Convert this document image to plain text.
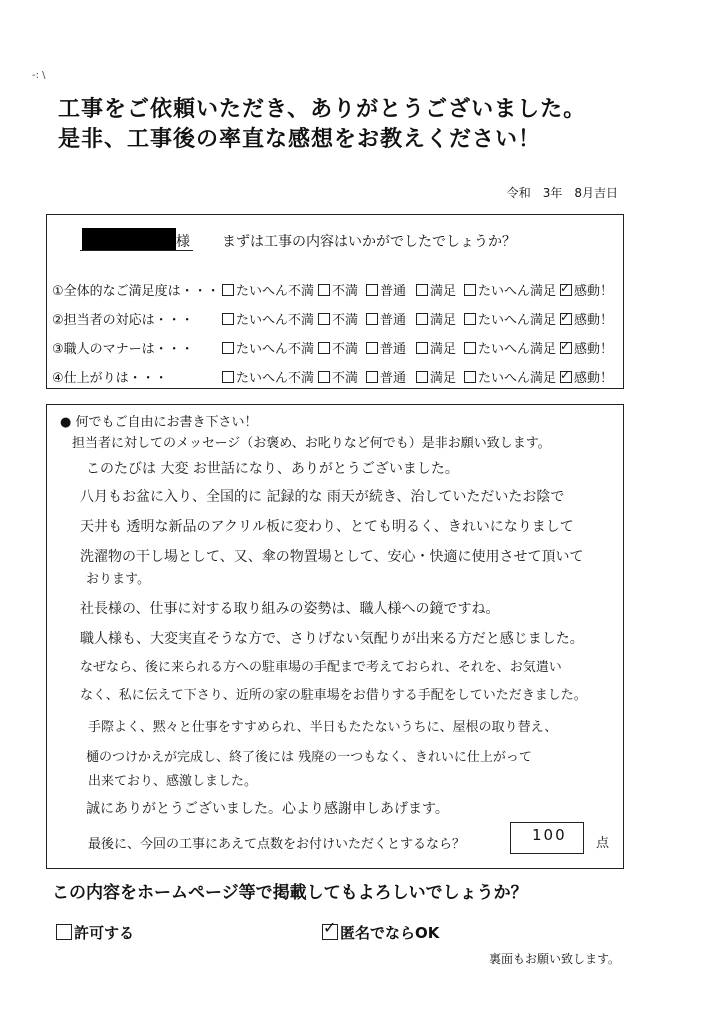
-: \
工事をご依頼いただき、ありがとうございました。
是非、工事後の率直な感想をお教えください！
令和　3年　8月吉日
様 まずは工事の内容はいかがでしたでしょうか？
①全体的なご満足度は・・・	たいへん不満	不満	普通	満足	たいへん満足 ✓	感動！
②担当者の対応は・・・	たいへん不満	不満	普通	満足	たいへん満足 ✓	感動！
③職人のマナーは・・・	たいへん不満	不満	普通	満足	たいへん満足 ✓	感動！
④仕上がりは・・・	たいへん不満	不満	普通	満足	たいへん満足 ✓	感動！
● 何でもご自由にお書き下さい！
担当者に対してのメッセージ（お褒め、お叱りなど何でも）是非お願い致します。
このたびは 大変 お世話になり、ありがとうございました。
八月もお盆に入り、全国的に 記録的な 雨天が続き、治していただいたお陰で
天井も 透明な新品のアクリル板に変わり、とても明るく、きれいになりまして
洗濯物の干し場として、又、傘の物置場として、安心・快適に使用させて頂いて
おります。
社長様の、仕事に対する取り組みの姿勢は、職人様への鏡ですね。
職人様も、大変実直そうな方で、さりげない気配りが出来る方だと感じました。
なぜなら、後に来られる方への駐車場の手配まで考えておられ、それを、お気遣い
なく、私に伝えて下さり、近所の家の駐車場をお借りする手配をしていただきました。
手際よく、黙々と仕事をすすめられ、半日もたたないうちに、屋根の取り替え、
樋のつけかえが完成し、終了後には 残廃の一つもなく、きれいに仕上がって
出来ており、感激しました。
誠にありがとうございました。心より感謝申しあげます。
最後に、今回の工事にあえて点数をお付けいただくとするなら？
100 点
この内容をホームページ等で掲載してもよろしいでしょうか？
許可する ✓	匿名でならOK
裏面もお願い致します。
